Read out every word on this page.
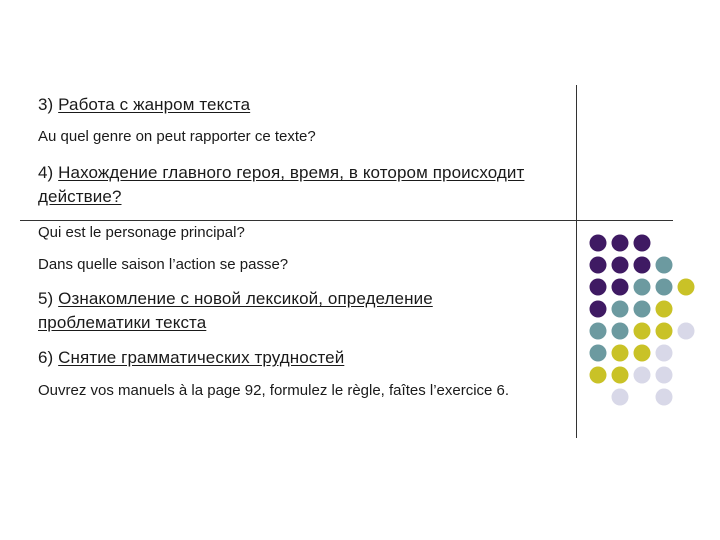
3) Работа с жанром текста
Au quel genre on peut rapporter ce texte?
4) Нахождение главного героя, время, в котором происходит
действие?
Qui est le personage principal?
Dans quelle saison l’action se passe?
5) Ознакомление с новой лексикой, определение
проблематики текста
6) Снятие грамматических трудностей
Ouvrez vos manuels à la page 92, formulez le règle, faîtes l’exercice 6.
